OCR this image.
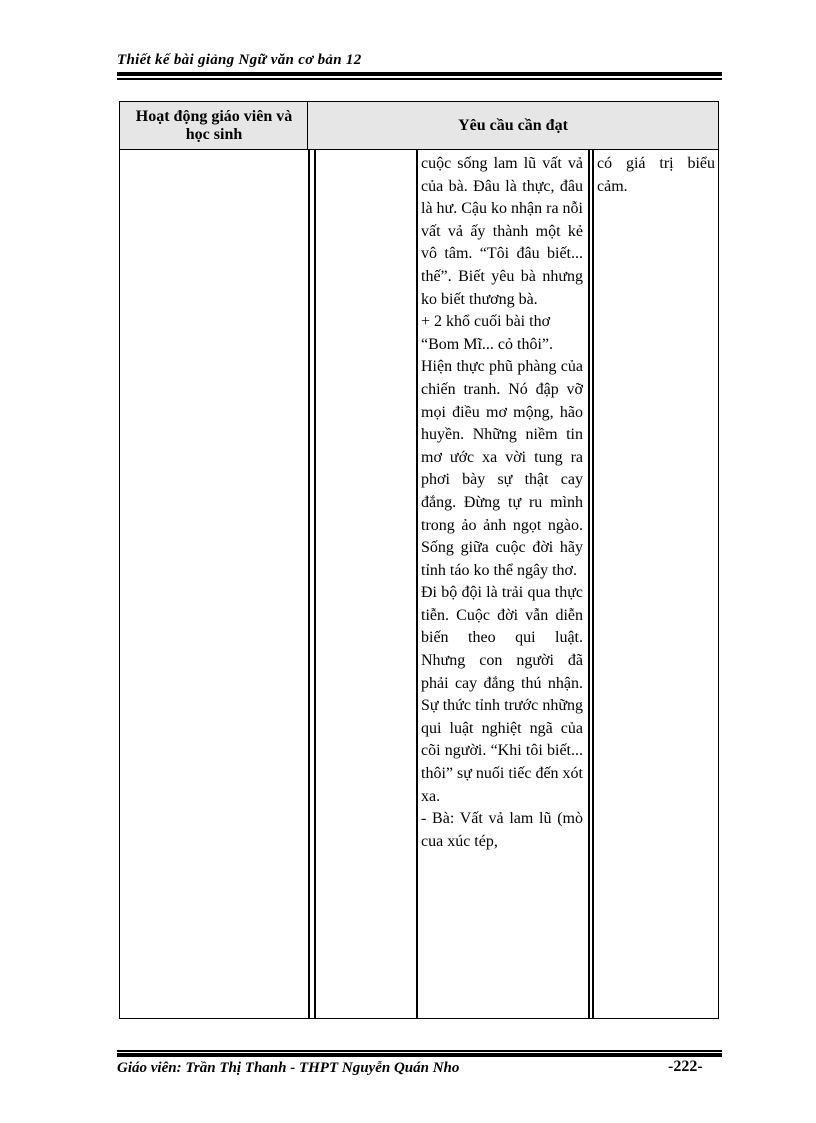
Thiết kế bài giảng Ngữ văn cơ bản 12
Hoạt động giáo viên và học sinh
Yêu cầu cần đạt

cuộc sống lam lũ vất vả của bà. Đâu là thực, đâu là hư. Cậu ko nhận ra nỗi vất vả ấy thành một kẻ vô tâm. “Tôi đâu biết... thế”. Biết yêu bà nhưng ko biết thương bà.

+ 2 khổ cuối bài thơ “Bom Mĩ... cỏ thôi”.

Hiện thực phũ phàng của chiến tranh. Nó đập vỡ mọi điều mơ mộng, hão huyền. Những niềm tin mơ ước xa vời tung ra phơi bày sự thật cay đắng. Đừng tự ru mình trong ảo ảnh ngọt ngào. Sống giữa cuộc đời hãy tỉnh táo ko thể ngây thơ.

Đi bộ đội là trải qua thực tiễn. Cuộc đời vẫn diễn biến theo qui luật. Nhưng con người đã phải cay đắng thú nhận. Sự thức tỉnh trước những qui luật nghiệt ngã của cõi người. “Khi tôi biết... thôi” sự nuối tiếc đến xót xa.

- Bà: Vất vả lam lũ (mò cua xúc tép,

có giá trị biểu cảm.

Giáo viên: Trần Thị Thanh - THPT Nguyễn Quán Nho	-222-
